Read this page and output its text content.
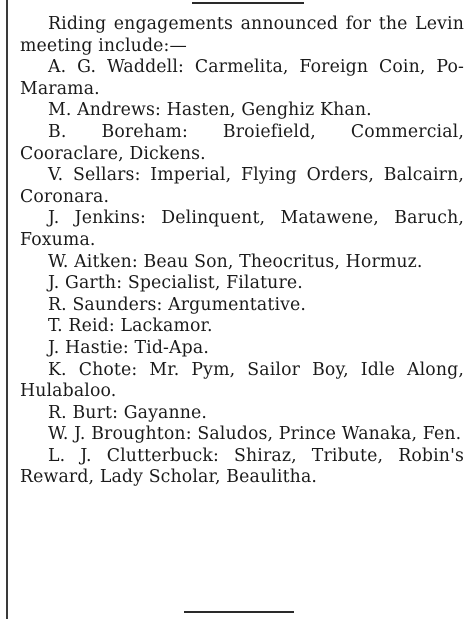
Riding engagements announced for the Levin meeting include:—

A. G. Waddell: Carmelita, Foreign Coin, Po-Marama.

M. Andrews: Hasten, Genghiz Khan.

B. Boreham: Broiefield, Commercial, Cooraclare, Dickens.

V. Sellars: Imperial, Flying Orders, Balcairn, Coronara.

J. Jenkins: Delinquent, Matawene, Baruch, Foxuma.

W. Aitken: Beau Son, Theocritus, Hormuz.

J. Garth: Specialist, Filature.

R. Saunders: Argumentative.

T. Reid: Lackamor.

J. Hastie: Tid-Apa.

K. Chote: Mr. Pym, Sailor Boy, Idle Along, Hulabaloo.

R. Burt: Gayanne.

W. J. Broughton: Saludos, Prince Wanaka, Fen.

L. J. Clutterbuck: Shiraz, Tribute, Robin's Reward, Lady Scholar, Beaulitha.
